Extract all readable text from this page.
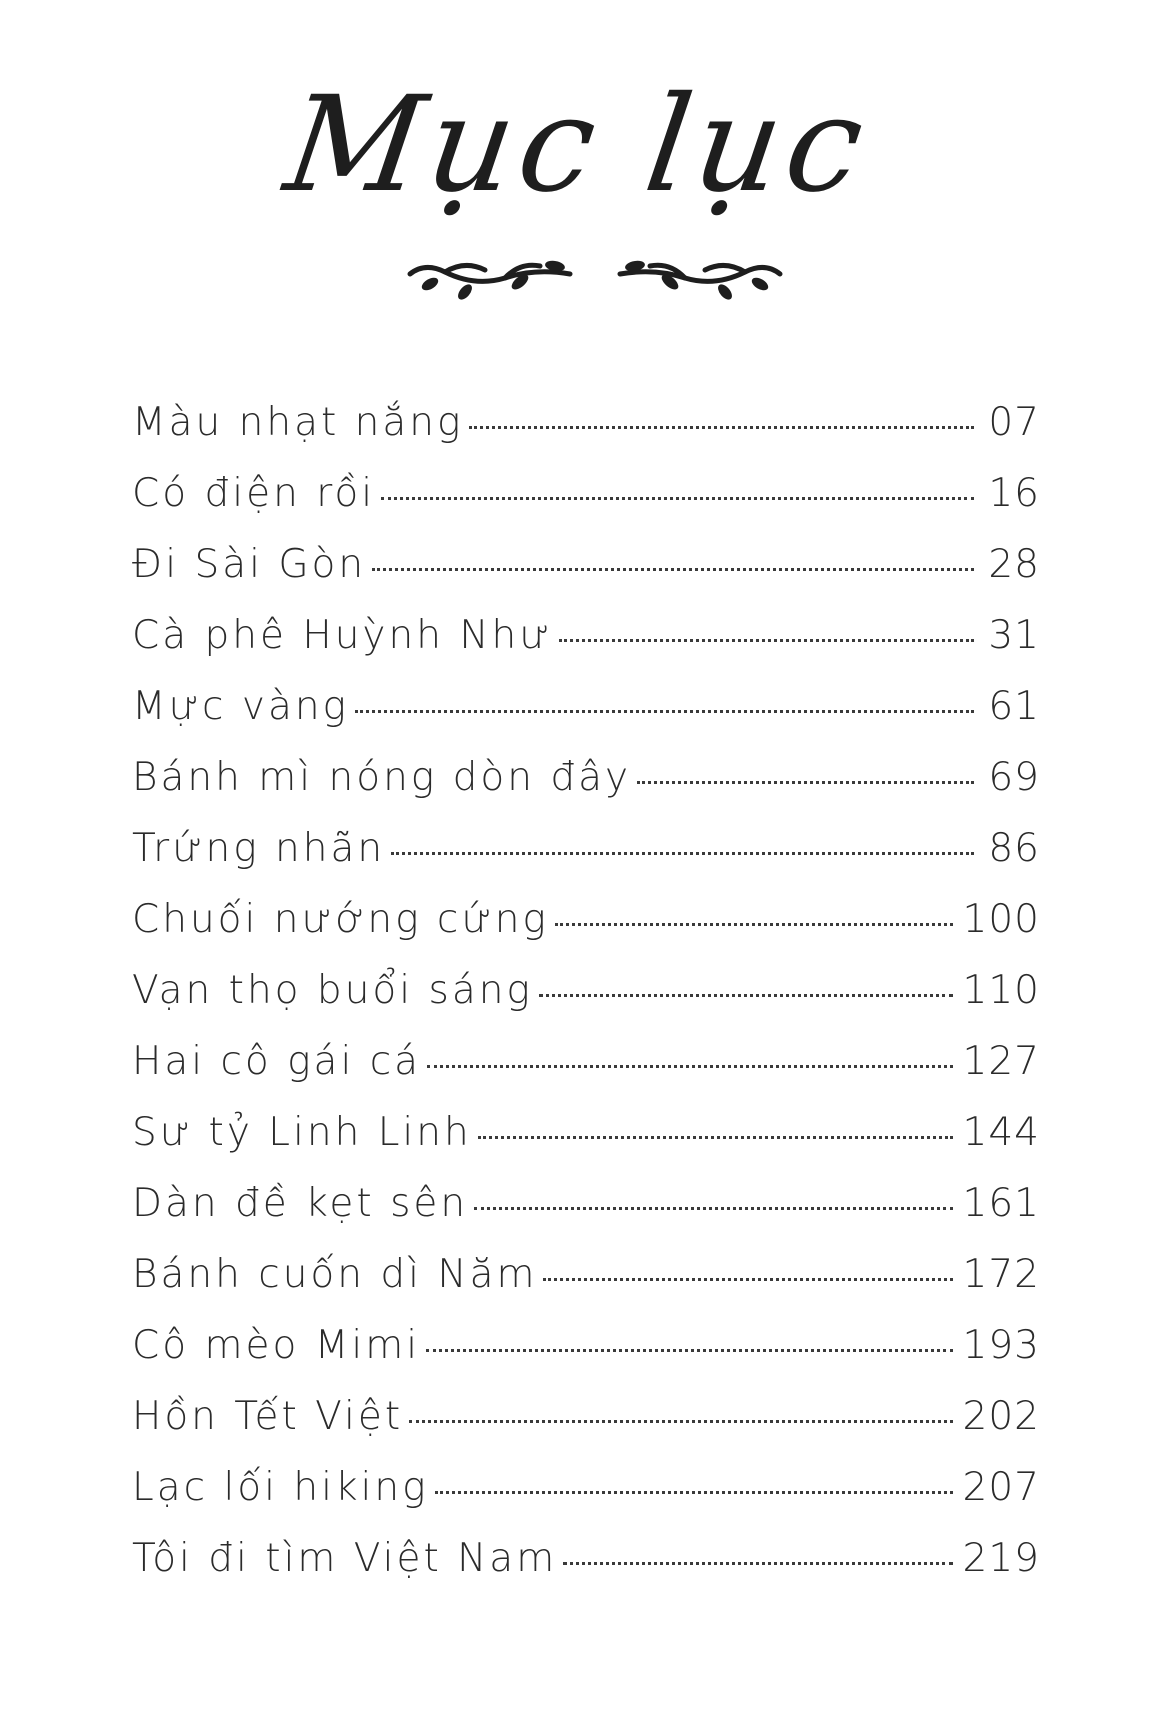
Mục lục
Màu nhạt nắng	07
Có điện rồi	16
Đi Sài Gòn	28
Cà phê Huỳnh Như	31
Mực vàng	61
Bánh mì nóng dòn đây	69
Trứng nhãn	86
Chuối nướng cứng	100
Vạn thọ buổi sáng	110
Hai cô gái cá	127
Sư tỷ Linh Linh	144
Dàn đề kẹt sên	161
Bánh cuốn dì Năm	172
Cô mèo Mimi	193
Hồn Tết Việt	202
Lạc lối hiking	207
Tôi đi tìm Việt Nam	219
